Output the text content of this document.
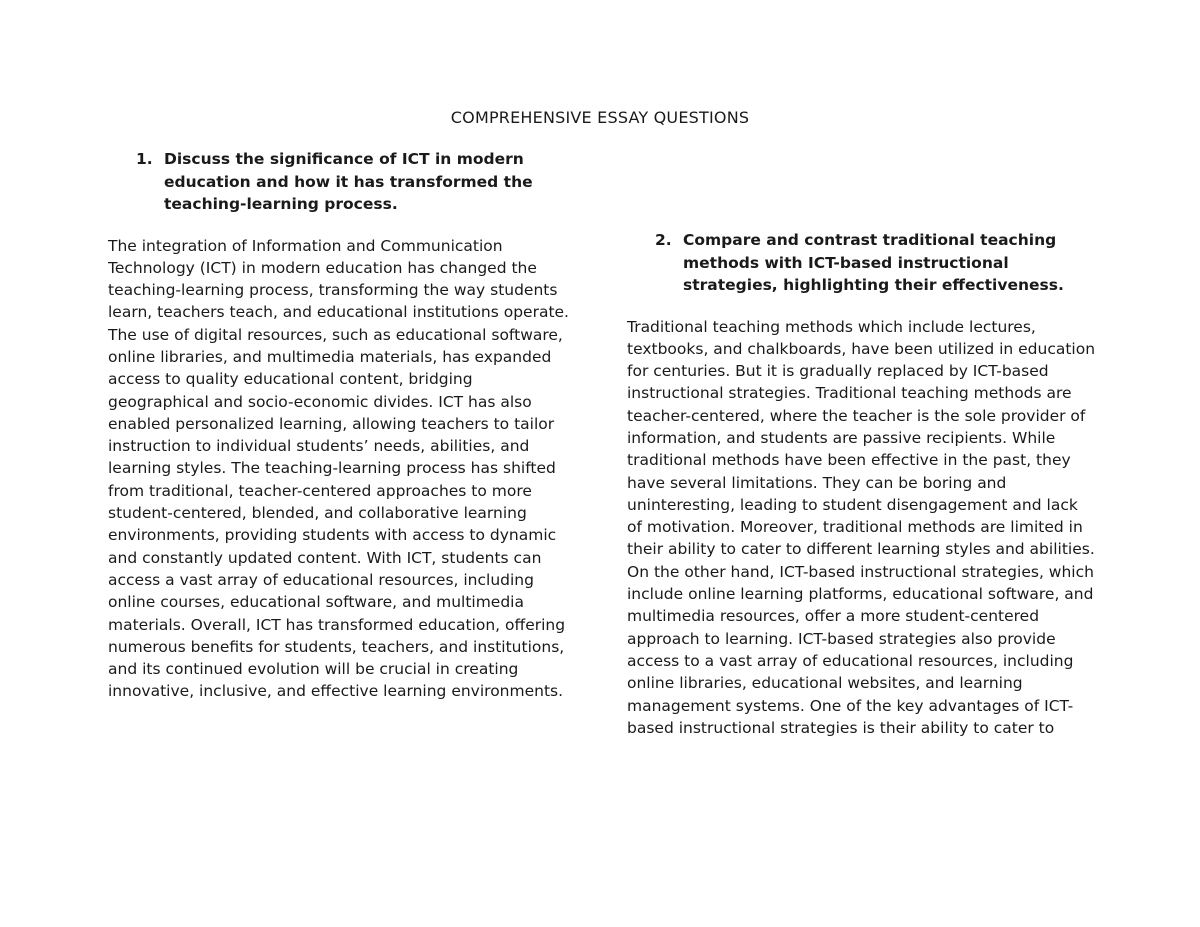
COMPREHENSIVE ESSAY QUESTIONS

1. Discuss the significance of ICT in modern education and how it has transformed the teaching-learning process.

The integration of Information and Communication Technology (ICT) in modern education has changed the teaching-learning process, transforming the way students learn, teachers teach, and educational institutions operate. The use of digital resources, such as educational software, online libraries, and multimedia materials, has expanded access to quality educational content, bridging geographical and socio-economic divides. ICT has also enabled personalized learning, allowing teachers to tailor instruction to individual students’ needs, abilities, and learning styles. The teaching-learning process has shifted from traditional, teacher-centered approaches to more student-centered, blended, and collaborative learning environments, providing students with access to dynamic and constantly updated content. With ICT, students can access a vast array of educational resources, including online courses, educational software, and multimedia materials. Overall, ICT has transformed education, offering numerous benefits for students, teachers, and institutions, and its continued evolution will be crucial in creating innovative, inclusive, and effective learning environments.

2. Compare and contrast traditional teaching methods with ICT-based instructional strategies, highlighting their effectiveness.

Traditional teaching methods which include lectures, textbooks, and chalkboards, have been utilized in education for centuries. But it is gradually replaced by ICT-based instructional strategies. Traditional teaching methods are teacher-centered, where the teacher is the sole provider of information, and students are passive recipients. While traditional methods have been effective in the past, they have several limitations. They can be boring and uninteresting, leading to student disengagement and lack of motivation. Moreover, traditional methods are limited in their ability to cater to different learning styles and abilities. On the other hand, ICT-based instructional strategies, which include online learning platforms, educational software, and multimedia resources, offer a more student-centered approach to learning. ICT-based strategies also provide access to a vast array of educational resources, including online libraries, educational websites, and learning management systems. One of the key advantages of ICT-based instructional strategies is their ability to cater to
